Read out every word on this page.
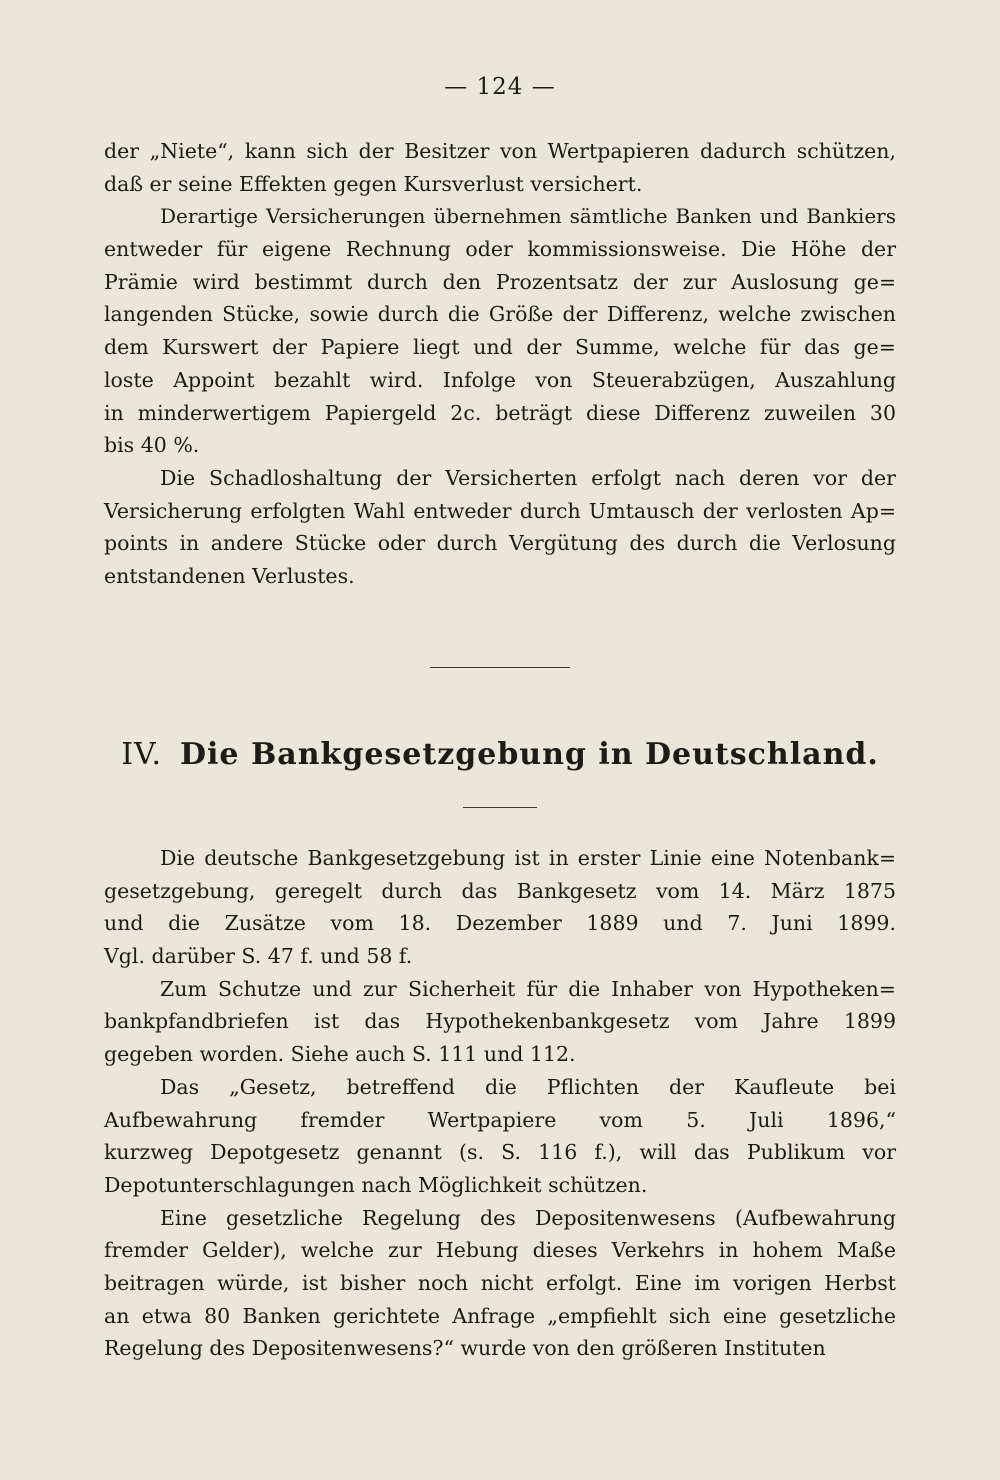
— 124 —
der „Niete“, kann sich der Besitzer von Wertpapieren dadurch schützen,
daß er seine Effekten gegen Kursverlust versichert.
Derartige Versicherungen übernehmen sämtliche Banken und Bankiers
entweder für eigene Rechnung oder kommissionsweise. Die Höhe der
Prämie wird bestimmt durch den Prozentsatz der zur Auslosung ge=
langenden Stücke, sowie durch die Größe der Differenz, welche zwischen
dem Kurswert der Papiere liegt und der Summe, welche für das ge=
loste Appoint bezahlt wird. Infolge von Steuerabzügen, Auszahlung
in minderwertigem Papiergeld 2c. beträgt diese Differenz zuweilen 30
bis 40 %.
Die Schadloshaltung der Versicherten erfolgt nach deren vor der
Versicherung erfolgten Wahl entweder durch Umtausch der verlosten Ap=
points in andere Stücke oder durch Vergütung des durch die Verlosung
entstandenen Verlustes.
IV. Die Bankgesetzgebung in Deutschland.
Die deutsche Bankgesetzgebung ist in erster Linie eine Notenbank=
gesetzgebung, geregelt durch das Bankgesetz vom 14. März 1875
und die Zusätze vom 18. Dezember 1889 und 7. Juni 1899.
Vgl. darüber S. 47 f. und 58 f.
Zum Schutze und zur Sicherheit für die Inhaber von Hypotheken=
bankpfandbriefen ist das Hypothekenbankgesetz vom Jahre 1899
gegeben worden. Siehe auch S. 111 und 112.
Das „Gesetz, betreffend die Pflichten der Kaufleute bei
Aufbewahrung fremder Wertpapiere vom 5. Juli 1896,“
kurzweg Depotgesetz genannt (s. S. 116 f.), will das Publikum vor
Depotunterschlagungen nach Möglichkeit schützen.
Eine gesetzliche Regelung des Depositenwesens (Aufbewahrung
fremder Gelder), welche zur Hebung dieses Verkehrs in hohem Maße
beitragen würde, ist bisher noch nicht erfolgt. Eine im vorigen Herbst
an etwa 80 Banken gerichtete Anfrage „empfiehlt sich eine gesetzliche
Regelung des Depositenwesens?“ wurde von den größeren Instituten
